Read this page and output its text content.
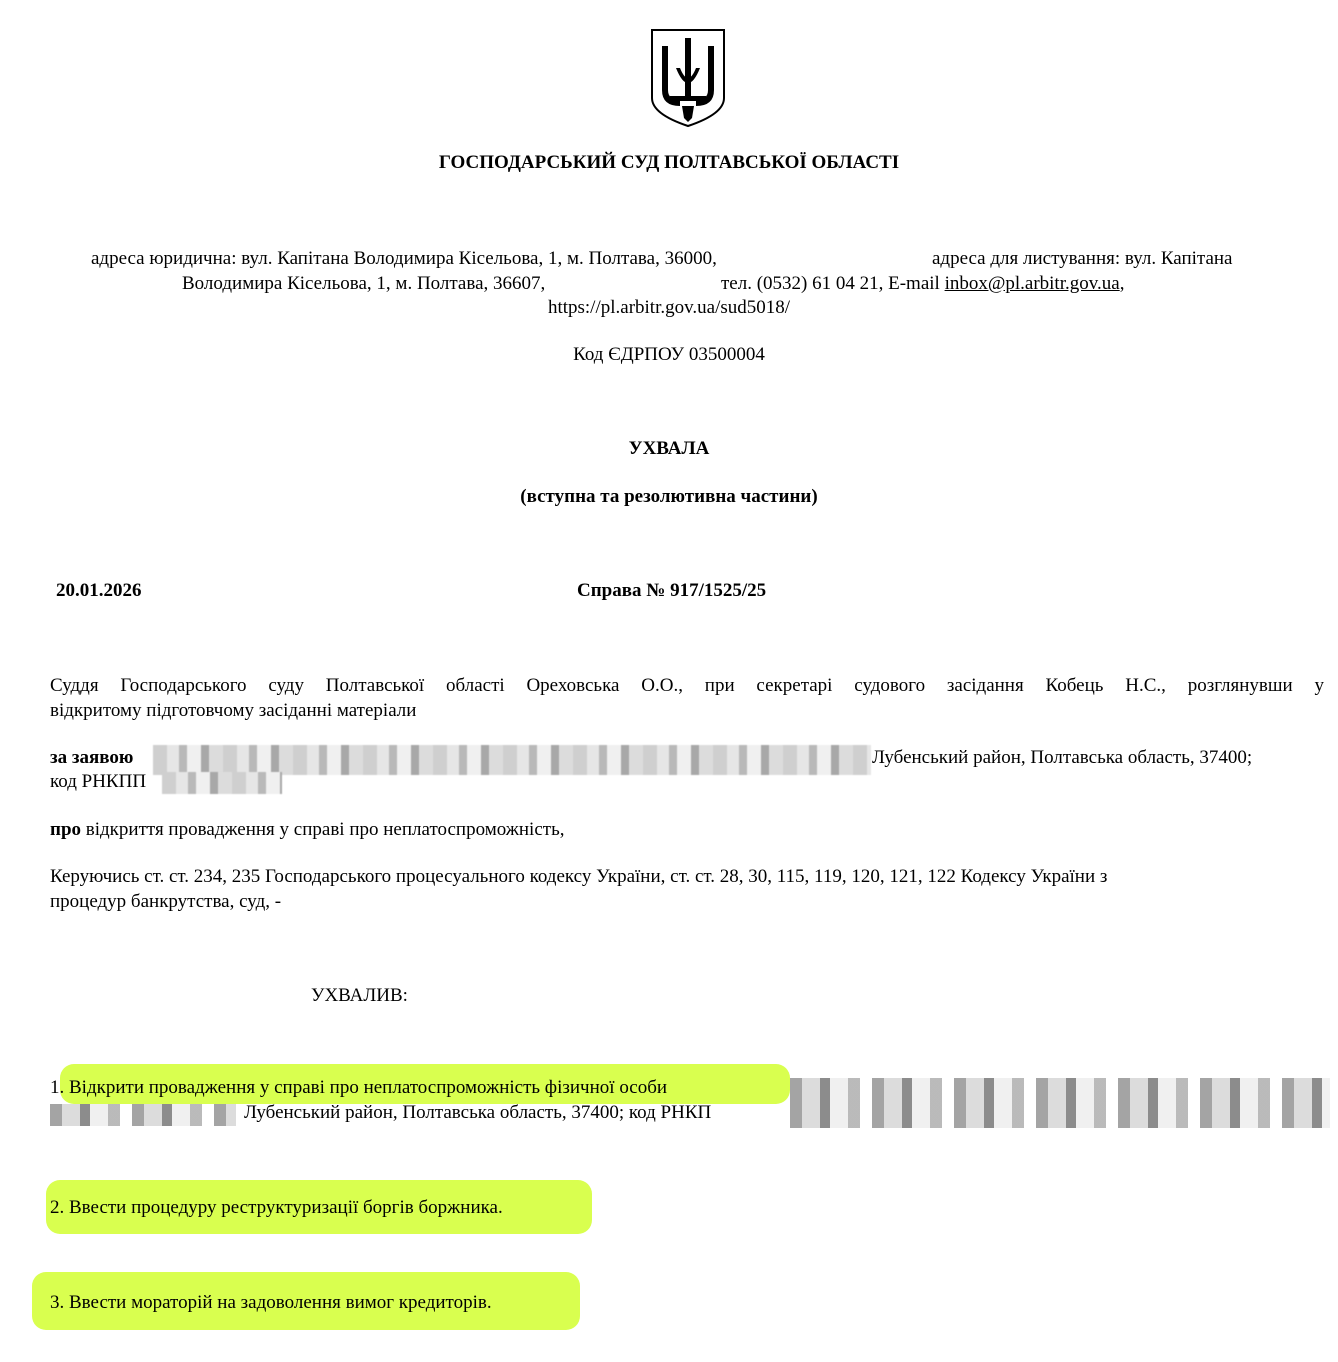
ГОСПОДАРСЬКИЙ СУД ПОЛТАВСЬКОЇ ОБЛАСТІ
адреса юридична: вул. Капітана Володимира Кісельова, 1, м. Полтава, 36000,	адреса для листування: вул. Капітана
Володимира Кісельова, 1, м. Полтава, 36607,	тел. (0532) 61 04 21, E-mail inbox@pl.arbitr.gov.ua,
https://pl.arbitr.gov.ua/sud5018/
Код ЄДРПОУ 03500004
УХВАЛА
(вступна та резолютивна частини)
20.01.2026	Справа № 917/1525/25
Суддя Господарського суду Полтавської області Ореховська О.О., при секретарі судового засідання Кобець Н.С., розглянувши у
відкритому підготовчому засіданні матеріали
за заявою	Лубенський район, Полтавська область, 37400;
код РНКПП
про відкриття провадження у справі про неплатоспроможність,
Керуючись ст. ст. 234, 235 Господарського процесуального кодексу України, ст. ст. 28, 30, 115, 119, 120, 121, 122 Кодексу України з
процедур банкрутства, суд, -
УХВАЛИВ:
1. Відкрити провадження у справі про неплатоспроможність фізичної особи
Лубенський район, Полтавська область, 37400; код РНКП
2. Ввести процедуру реструктуризації боргів боржника.
3. Ввести мораторій на задоволення вимог кредиторів.
